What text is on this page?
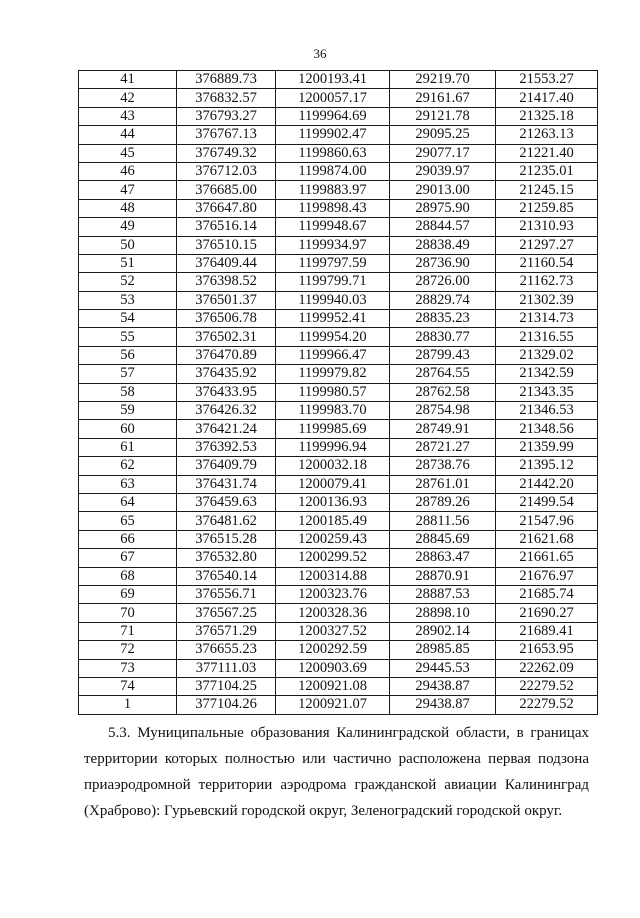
36
41	376889.73	1200193.41	29219.70	21553.27
42	376832.57	1200057.17	29161.67	21417.40
43	376793.27	1199964.69	29121.78	21325.18
44	376767.13	1199902.47	29095.25	21263.13
45	376749.32	1199860.63	29077.17	21221.40
46	376712.03	1199874.00	29039.97	21235.01
47	376685.00	1199883.97	29013.00	21245.15
48	376647.80	1199898.43	28975.90	21259.85
49	376516.14	1199948.67	28844.57	21310.93
50	376510.15	1199934.97	28838.49	21297.27
51	376409.44	1199797.59	28736.90	21160.54
52	376398.52	1199799.71	28726.00	21162.73
53	376501.37	1199940.03	28829.74	21302.39
54	376506.78	1199952.41	28835.23	21314.73
55	376502.31	1199954.20	28830.77	21316.55
56	376470.89	1199966.47	28799.43	21329.02
57	376435.92	1199979.82	28764.55	21342.59
58	376433.95	1199980.57	28762.58	21343.35
59	376426.32	1199983.70	28754.98	21346.53
60	376421.24	1199985.69	28749.91	21348.56
61	376392.53	1199996.94	28721.27	21359.99
62	376409.79	1200032.18	28738.76	21395.12
63	376431.74	1200079.41	28761.01	21442.20
64	376459.63	1200136.93	28789.26	21499.54
65	376481.62	1200185.49	28811.56	21547.96
66	376515.28	1200259.43	28845.69	21621.68
67	376532.80	1200299.52	28863.47	21661.65
68	376540.14	1200314.88	28870.91	21676.97
69	376556.71	1200323.76	28887.53	21685.74
70	376567.25	1200328.36	28898.10	21690.27
71	376571.29	1200327.52	28902.14	21689.41
72	376655.23	1200292.59	28985.85	21653.95
73	377111.03	1200903.69	29445.53	22262.09
74	377104.25	1200921.08	29438.87	22279.52
1	377104.26	1200921.07	29438.87	22279.52

5.3. Муниципальные образования Калининградской области, в границах территории которых полностью или частично расположена первая подзона приаэродромной территории аэродрома гражданской авиации Калининград (Храброво): Гурьевский городской округ, Зеленоградский городской округ.
